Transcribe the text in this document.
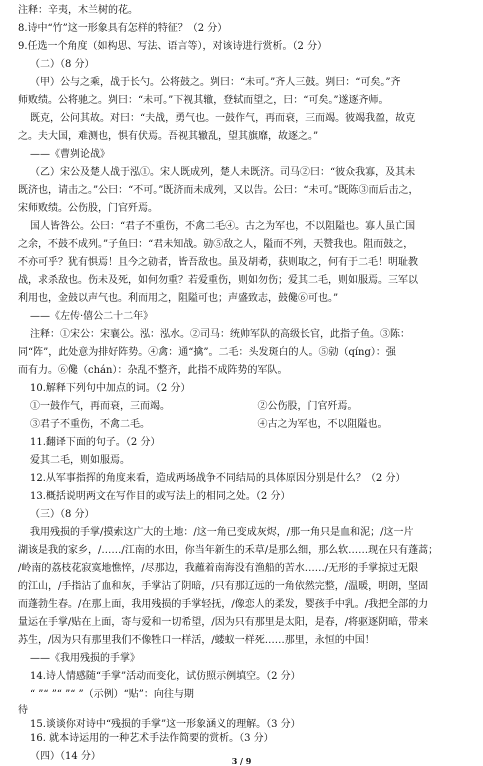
注释：辛夷，木兰树的花。
8.诗中“竹”这一形象具有怎样的特征？（2 分）
9.任选一个角度（如构思、写法、语言等），对该诗进行赏析。（2 分）
（二）（8 分）
（甲）公与之乘，战于长勺。公将鼓之。刿曰：“未可。”齐人三鼓。刿曰：“可矣。”齐
师败绩。公将驰之。刿曰：“未可。”下视其辙，登轼而望之，曰：“可矣。”遂逐齐师。
既克，公问其故。对曰：“夫战，勇气也。一鼓作气，再而衰，三而竭。彼竭我盈，故克
之。夫大国，难测也，惧有伏焉。吾视其辙乱，望其旗靡，故逐之。”
——《曹刿论战》
（乙）宋公及楚人战于泓①。宋人既成列，楚人未既济。司马②曰：“彼众我寡，及其未
既济也，请击之。”公曰：“不可。”既济而未成列，又以告。公曰：“未可。”既陈③而后击之，
宋师败绩。公伤股，门官歼焉。
国人皆咎公。公曰：“君子不重伤，不禽二毛④。古之为军也，不以阻隘也。寡人虽亡国
之余，不鼓不成列。”子鱼曰：“君未知战。勍⑤敌之人，隘而不列，天赞我也。阻而鼓之，
不亦可乎？犹有惧焉！且今之勍者，皆吾敌也。虽及胡耇，获则取之，何有于二毛！明耻教
战，求杀敌也。伤未及死，如何勿重？若爱重伤，则如勿伤；爱其二毛，则如服焉。三军以
利用也，金鼓以声气也。利而用之，阻隘可也；声盛致志，鼓儳⑥可也。”
——《左传·僖公二十二年》
注释：①宋公：宋襄公。泓：泓水。②司马：统帅军队的高级长官，此指子鱼。③陈：
同“阵”，此处意为排好阵势。④禽：通“擒”。二毛：头发斑白的人。⑤勍（qíng）：强
而有力。⑥儳（chán）：杂乱不整齐，此指不成阵势的军队。
10.解释下列句中加点的词。（2 分）
①一鼓作气，再而衰，三而竭。	②公伤股，门官歼焉。
③君子不重伤，不禽二毛。	④古之为军也，不以阻隘也。
11.翻译下面的句子。（2 分）
爱其二毛，则如服焉。
12.从军事指挥的角度来看，造成两场战争不同结局的具体原因分别是什么？（2 分）
13.概括说明两文在写作目的或写法上的相同之处。（2 分）
（三）（8 分）
我用残损的手掌/摸索这广大的土地：/这一角已变成灰烬，/那一角只是血和泥；/这一片
湖该是我的家乡，/……/江南的水田，你当年新生的禾草/是那么细，那么软……现在只有蓬蒿；
/岭南的荔枝花寂寞地憔悴，/尽那边，我蘸着南海没有渔船的苦水……/无形的手掌掠过无限
的江山，/手指沾了血和灰，手掌沾了阴暗，/只有那辽远的一角依然完整，/温暖，明朗，坚固
而蓬勃生春。/在那上面，我用残损的手掌轻抚，/像恋人的柔发，婴孩手中乳。/我把全部的力
量运在手掌/贴在上面，寄与爱和一切希望，/因为只有那里是太阳，是春，/将驱逐阴暗，带来
苏生，/因为只有那里我们不像牲口一样活，/蝼蚁一样死……那里，永恒的中国！
——《我用残损的手掌》
14.诗人情感随“手掌”活动而变化，试仿照示例填空。（2 分）
“ ”“ ”“ ”“ ”（示例）“贴”：向往与期
待
15.谈谈你对诗中“残损的手掌”这一形象涵义的理解。（3 分）
16. 就本诗运用的一种艺术手法作简要的赏析。（3 分）
（四）（14 分）	3 / 9
